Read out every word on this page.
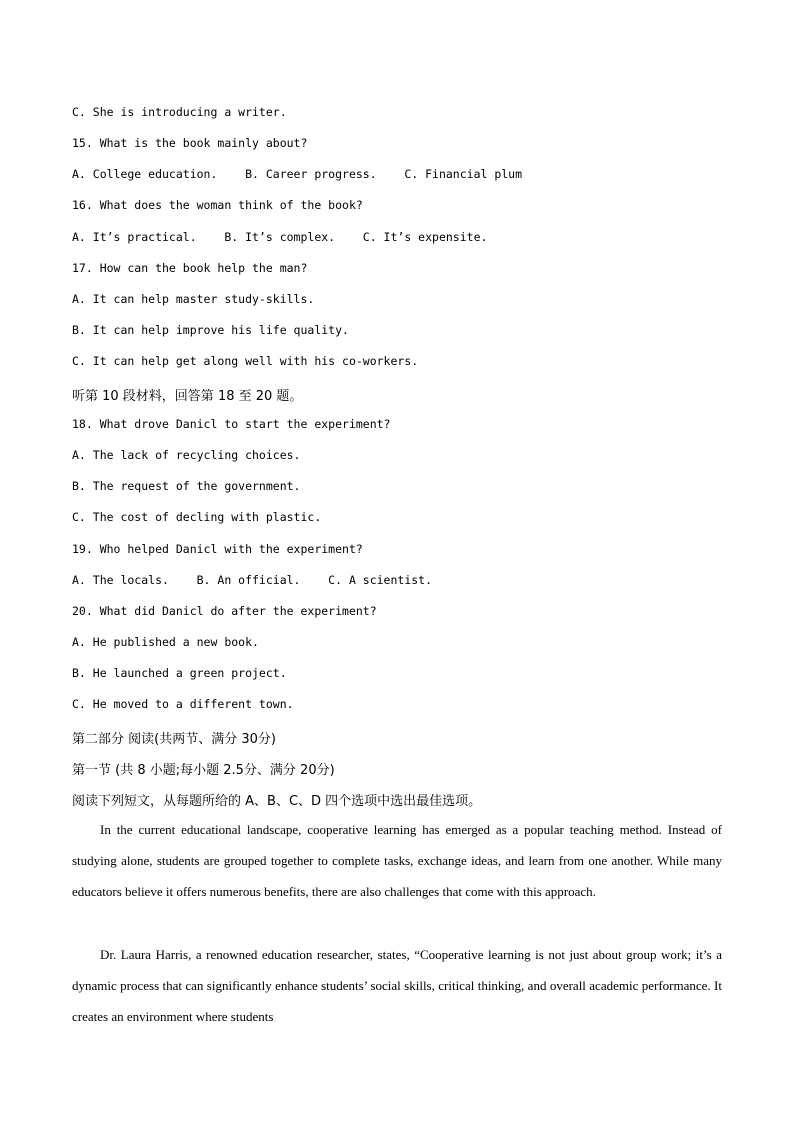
C. She is introducing a writer.
15. What is the book mainly about?
A. College education.    B. Career progress.    C. Financial plum
16. What does the woman think of the book?
A. It’s practical.    B. It’s complex.    C. It’s expensite.
17. How can the book help the man?
A. It can help master study-skills.
B. It can help improve his life quality.
C. It can help get along well with his co-workers.
听第 10 段材料，回答第 18 至 20 题。
18. What drove Danicl to start the experiment?
A. The lack of recycling choices.
B. The request of the government.
C. The cost of decling with plastic.
19. Who helped Danicl with the experiment?
A. The locals.    B. An official.    C. A scientist.
20. What did Danicl do after the experiment?
A. He published a new book.
B. He launched a green project.
C. He moved to a different town.
第二部分 阅读(共两节、满分 30分)
第一节 (共 8 小题;每小题 2.5分、满分 20分)
阅读下列短文，从每题所给的 A、B、C、D 四个选项中选出最佳选项。

In the current educational landscape, cooperative learning has emerged as a popular teaching method. Instead of studying alone, students are grouped together to complete tasks, exchange ideas, and learn from one another. While many educators believe it offers numerous benefits, there are also challenges that come with this approach.

Dr. Laura Harris, a renowned education researcher, states, “Cooperative learning is not just about group work; it’s a dynamic process that can significantly enhance students’ social skills, critical thinking, and overall academic performance. It creates an environment where students
